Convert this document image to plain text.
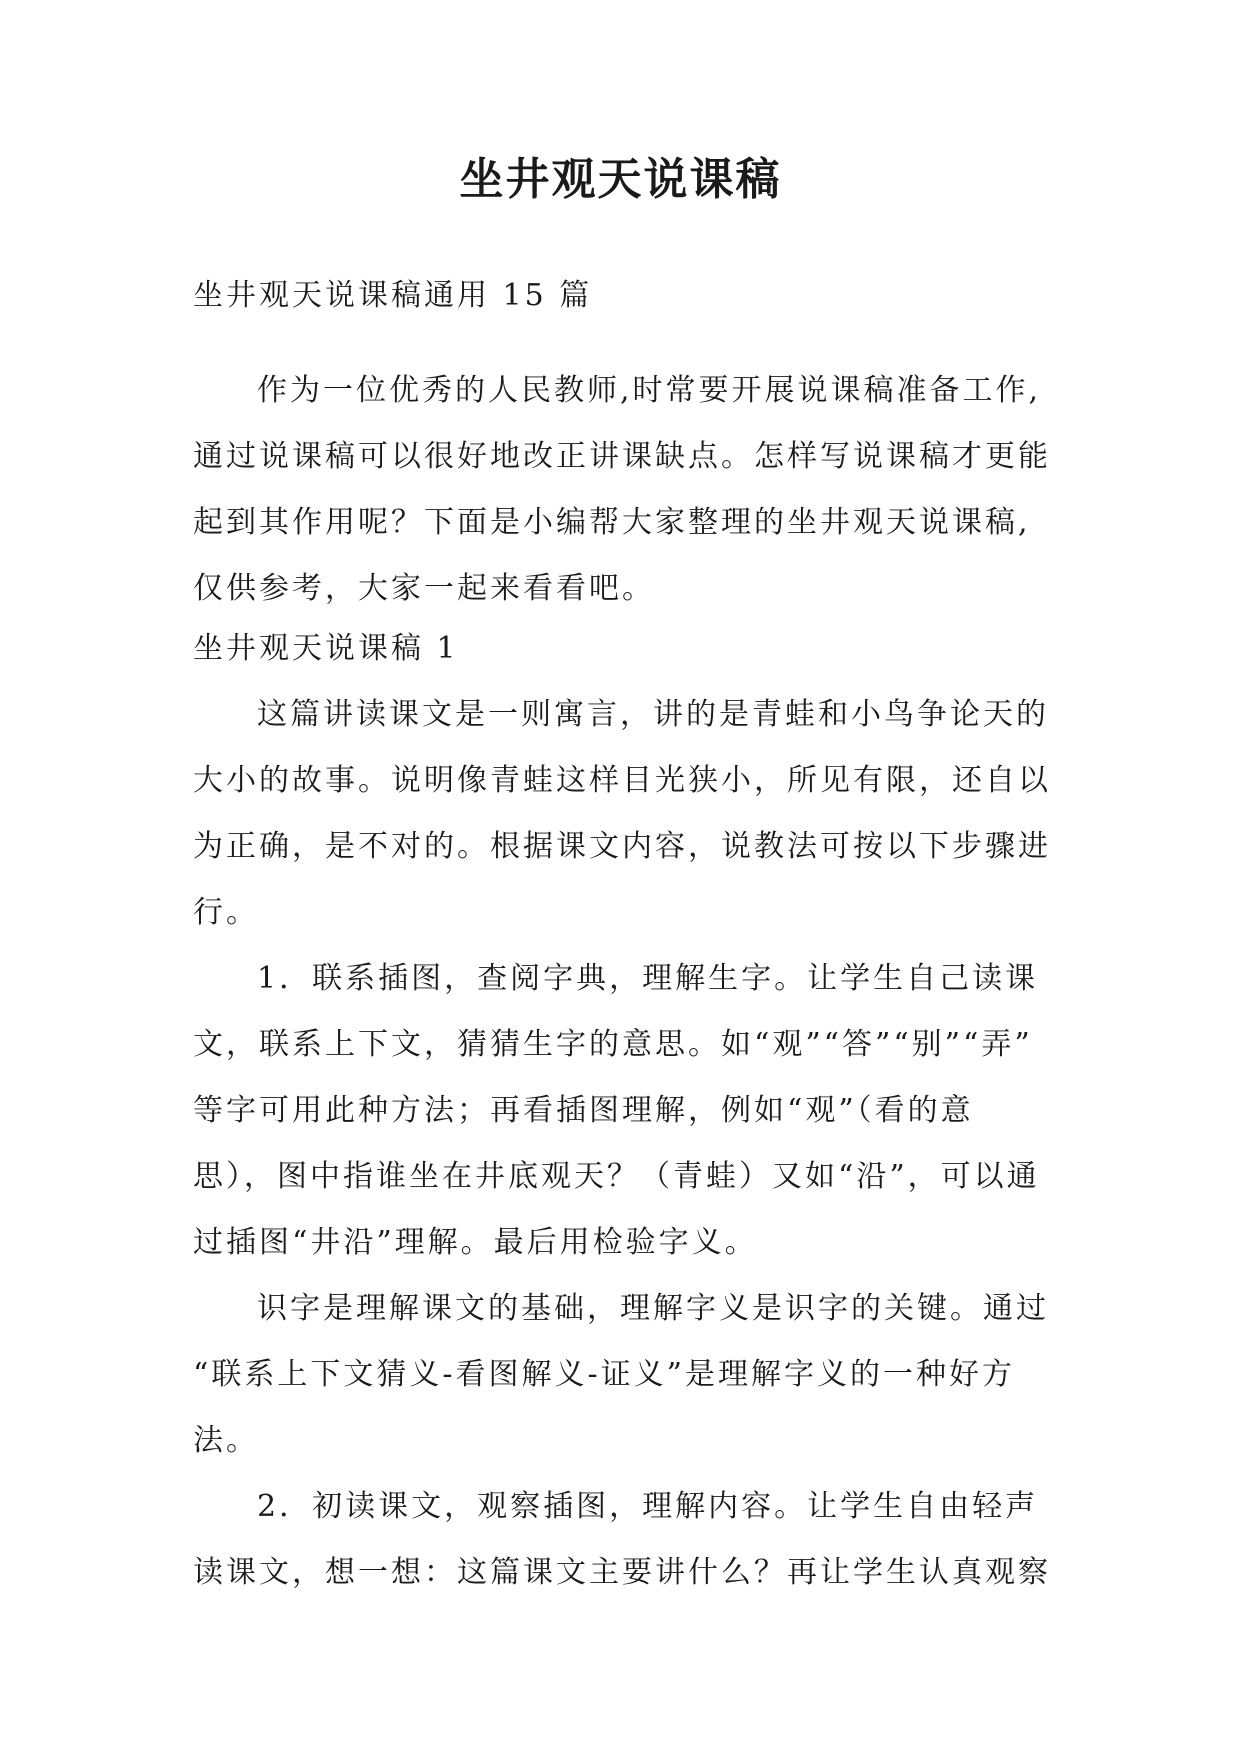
坐井观天说课稿
坐井观天说课稿通用 15 篇
作为一位优秀的人民教师,时常要开展说课稿准备工作,
通过说课稿可以很好地改正讲课缺点。怎样写说课稿才更能
起到其作用呢？下面是小编帮大家整理的坐井观天说课稿,
仅供参考，大家一起来看看吧。
坐井观天说课稿 1
这篇讲读课文是一则寓言，讲的是青蛙和小鸟争论天的
大小的故事。说明像青蛙这样目光狭小，所见有限，还自以
为正确，是不对的。根据课文内容，说教法可按以下步骤进
行。
1．联系插图，查阅字典，理解生字。让学生自己读课
文，联系上下文，猜猜生字的意思。如“观”“答”“别”“弄”
等字可用此种方法；再看插图理解，例如“观”（看的意
思），图中指谁坐在井底观天？（青蛙）又如“沿”，可以通
过插图“井沿”理解。最后用检验字义。
识字是理解课文的基础，理解字义是识字的关键。通过
“联系上下文猜义-看图解义-证义”是理解字义的一种好方
法。
2．初读课文，观察插图，理解内容。让学生自由轻声
读课文，想一想：这篇课文主要讲什么？再让学生认真观察
